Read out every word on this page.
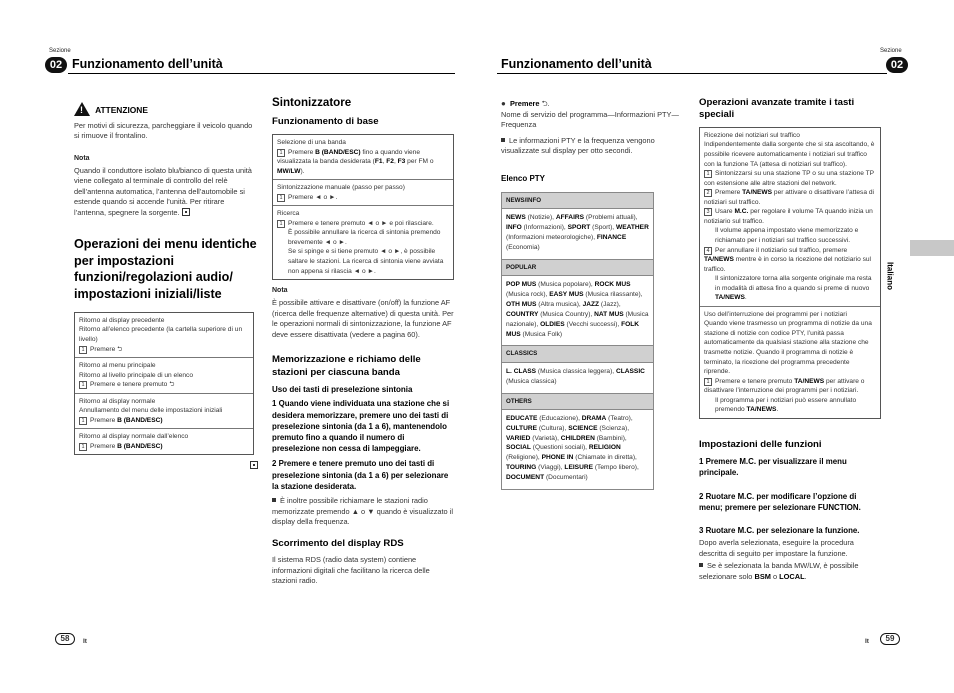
Sezione
02 Funzionamento dell’unità
! ATTENZIONE

Per motivi di sicurezza, parcheggiare il veicolo quando si rimuove il frontalino.

Nota

Quando il conduttore isolato blu/bianco di questa unità viene collegato al terminale di controllo del relè dell’antenna automatica, l’antenna dell’automobile si estende quando si accende l’unità. Per ritirare l’antenna, spegnere la sorgente.

Operazioni dei menu identiche per impostazioni funzioni/regolazioni audio/ impostazioni iniziali/liste
Ritorno al display precedente
Ritorno all’elenco precedente (la cartella superiore di un livello)
1 Premere ⮌
Ritorno al menu principale
Ritorno al livello principale di un elenco
1 Premere e tenere premuto ⮌
Ritorno al display normale
Annullamento del menu delle impostazioni iniziali
1 Premere B (BAND/ESC)
Ritorno al display normale dall’elenco
1 Premere B (BAND/ESC)
Sintonizzatore
Funzionamento di base
Selezione di una banda
1 Premere B (BAND/ESC) fino a quando viene visualizzata la banda desiderata (F1, F2, F3 per FM o MW/LW).
Sintonizzazione manuale (passo per passo)
1 Premere ◄ o ►.
Ricerca
1 Premere e tenere premuto ◄ o ► e poi rilasciare.
È possibile annullare la ricerca di sintonia premendo brevemente ◄ o ►.
Se si spinge e si tiene premuto ◄ o ►, è possibile saltare le stazioni. La ricerca di sintonia viene avviata non appena si rilascia ◄ o ►.
Nota

È possibile attivare e disattivare (on/off) la funzione AF (ricerca delle frequenze alternative) di questa unità. Per le operazioni normali di sintonizzazione, la funzione AF deve essere disattivata (vedere a pagina 60).

Memorizzazione e richiamo delle stazioni per ciascuna banda
Uso dei tasti di preselezione sintonia

1 Quando viene individuata una stazione che si desidera memorizzare, premere uno dei tasti di preselezione sintonia (da 1 a 6), mantenendolo premuto fino a quando il numero di preselezione non cessa di lampeggiare.

2 Premere e tenere premuto uno dei tasti di preselezione sintonia (da 1 a 6) per selezionare la stazione desiderata.

È inoltre possibile richiamare le stazioni radio memorizzate premendo ▲ o ▼ quando è visualizzato il display della frequenza.

Scorrimento del display RDS

Il sistema RDS (radio data system) contiene informazioni digitali che facilitano la ricerca delle stazioni radio.

58	It
Sezione
02
Funzionamento dell’unità

● Premere ⮌.

Nome di servizio del programma—Informazioni PTY—Frequenza

Le informazioni PTY e la frequenza vengono visualizzate sul display per otto secondi.

Elenco PTY
NEWS/INFO
NEWS (Notizie), AFFAIRS (Problemi attuali), INFO (Informazioni), SPORT (Sport), WEATHER (Informazioni meteorologiche), FINANCE (Economia)
POPULAR
POP MUS (Musica popolare), ROCK MUS (Musica rock), EASY MUS (Musica rilassante), OTH MUS (Altra musica), JAZZ (Jazz), COUNTRY (Musica Country), NAT MUS (Musica nazionale), OLDIES (Vecchi successi), FOLK MUS (Musica Folk)
CLASSICS
L. CLASS (Musica classica leggera), CLASSIC (Musica classica)
OTHERS
EDUCATE (Educazione), DRAMA (Teatro), CULTURE (Cultura), SCIENCE (Scienza), VARIED (Varietà), CHILDREN (Bambini), SOCIAL (Questioni sociali), RELIGION (Religione), PHONE IN (Chiamate in diretta), TOURING (Viaggi), LEISURE (Tempo libero), DOCUMENT (Documentari)
Operazioni avanzate tramite i tasti speciali
Ricezione dei notiziari sul traffico
Indipendentemente dalla sorgente che si sta ascoltando, è possibile ricevere automaticamente i notiziari sul traffico con la funzione TA (attesa di notiziari sul traffico).
1 Sintonizzarsi su una stazione TP o su una stazione TP con estensione alle altre stazioni del network.
2 Premere TA/NEWS per attivare o disattivare l’attesa di notiziari sul traffico.
3 Usare M.C. per regolare il volume TA quando inizia un notiziario sul traffico.
Il volume appena impostato viene memorizzato e richiamato per i notiziari sul traffico successivi.
4 Per annullare il notiziario sul traffico, premere TA/NEWS mentre è in corso la ricezione del notiziario sul traffico.
Il sintonizzatore torna alla sorgente originale ma resta in modalità di attesa fino a quando si preme di nuovo TA/NEWS.
Uso dell’interruzione dei programmi per i notiziari
Quando viene trasmesso un programma di notizie da una stazione di notizie con codice PTY, l’unità passa automaticamente da qualsiasi stazione alla stazione che trasmette notizie. Quando il programma di notizie è terminato, la ricezione del programma precedente riprende.
1 Premere e tenere premuto TA/NEWS per attivare o disattivare l’interruzione dei programmi per i notiziari.
Il programma per i notiziari può essere annullato premendo TA/NEWS.
Impostazioni delle funzioni

1 Premere M.C. per visualizzare il menu principale.

2 Ruotare M.C. per modificare l’opzione di menu; premere per selezionare FUNCTION.

3 Ruotare M.C. per selezionare la funzione.

Dopo averla selezionata, eseguire la procedura descritta di seguito per impostare la funzione.

Se è selezionata la banda MW/LW, è possibile selezionare solo BSM o LOCAL.

It	59
Italiano
